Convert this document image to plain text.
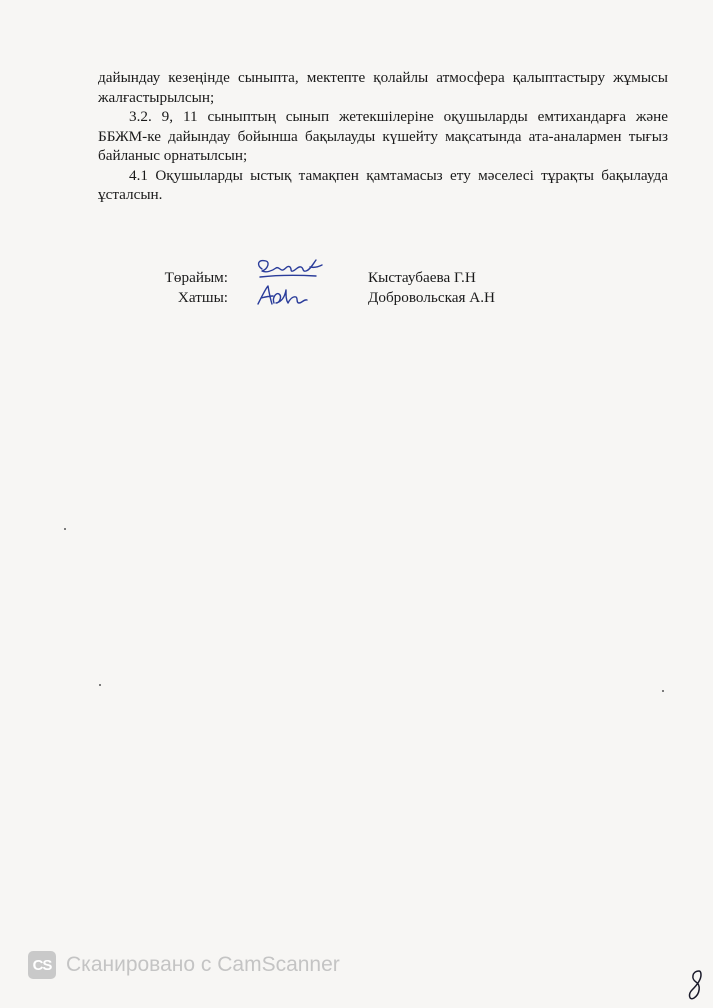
дайындау кезеңінде сыныпта, мектепте қолайлы атмосфера қалыптастыру жұмысы жалғастырылсын;

3.2. 9, 11 сыныптың сынып жетекшілеріне оқушыларды емтихандарға және ББЖМ-ке дайындау бойынша бақылауды күшейту мақсатында ата-аналармен тығыз байланыс орнатылсын;

4.1 Оқушыларды ыстық тамақпен қамтамасыз ету мәселесі тұрақты бақылауда ұсталсын.

Төрайым:	Кыстаубаева Г.Н
Хатшы:	Добровольская А.Н
CS Сканировано с CamScanner
